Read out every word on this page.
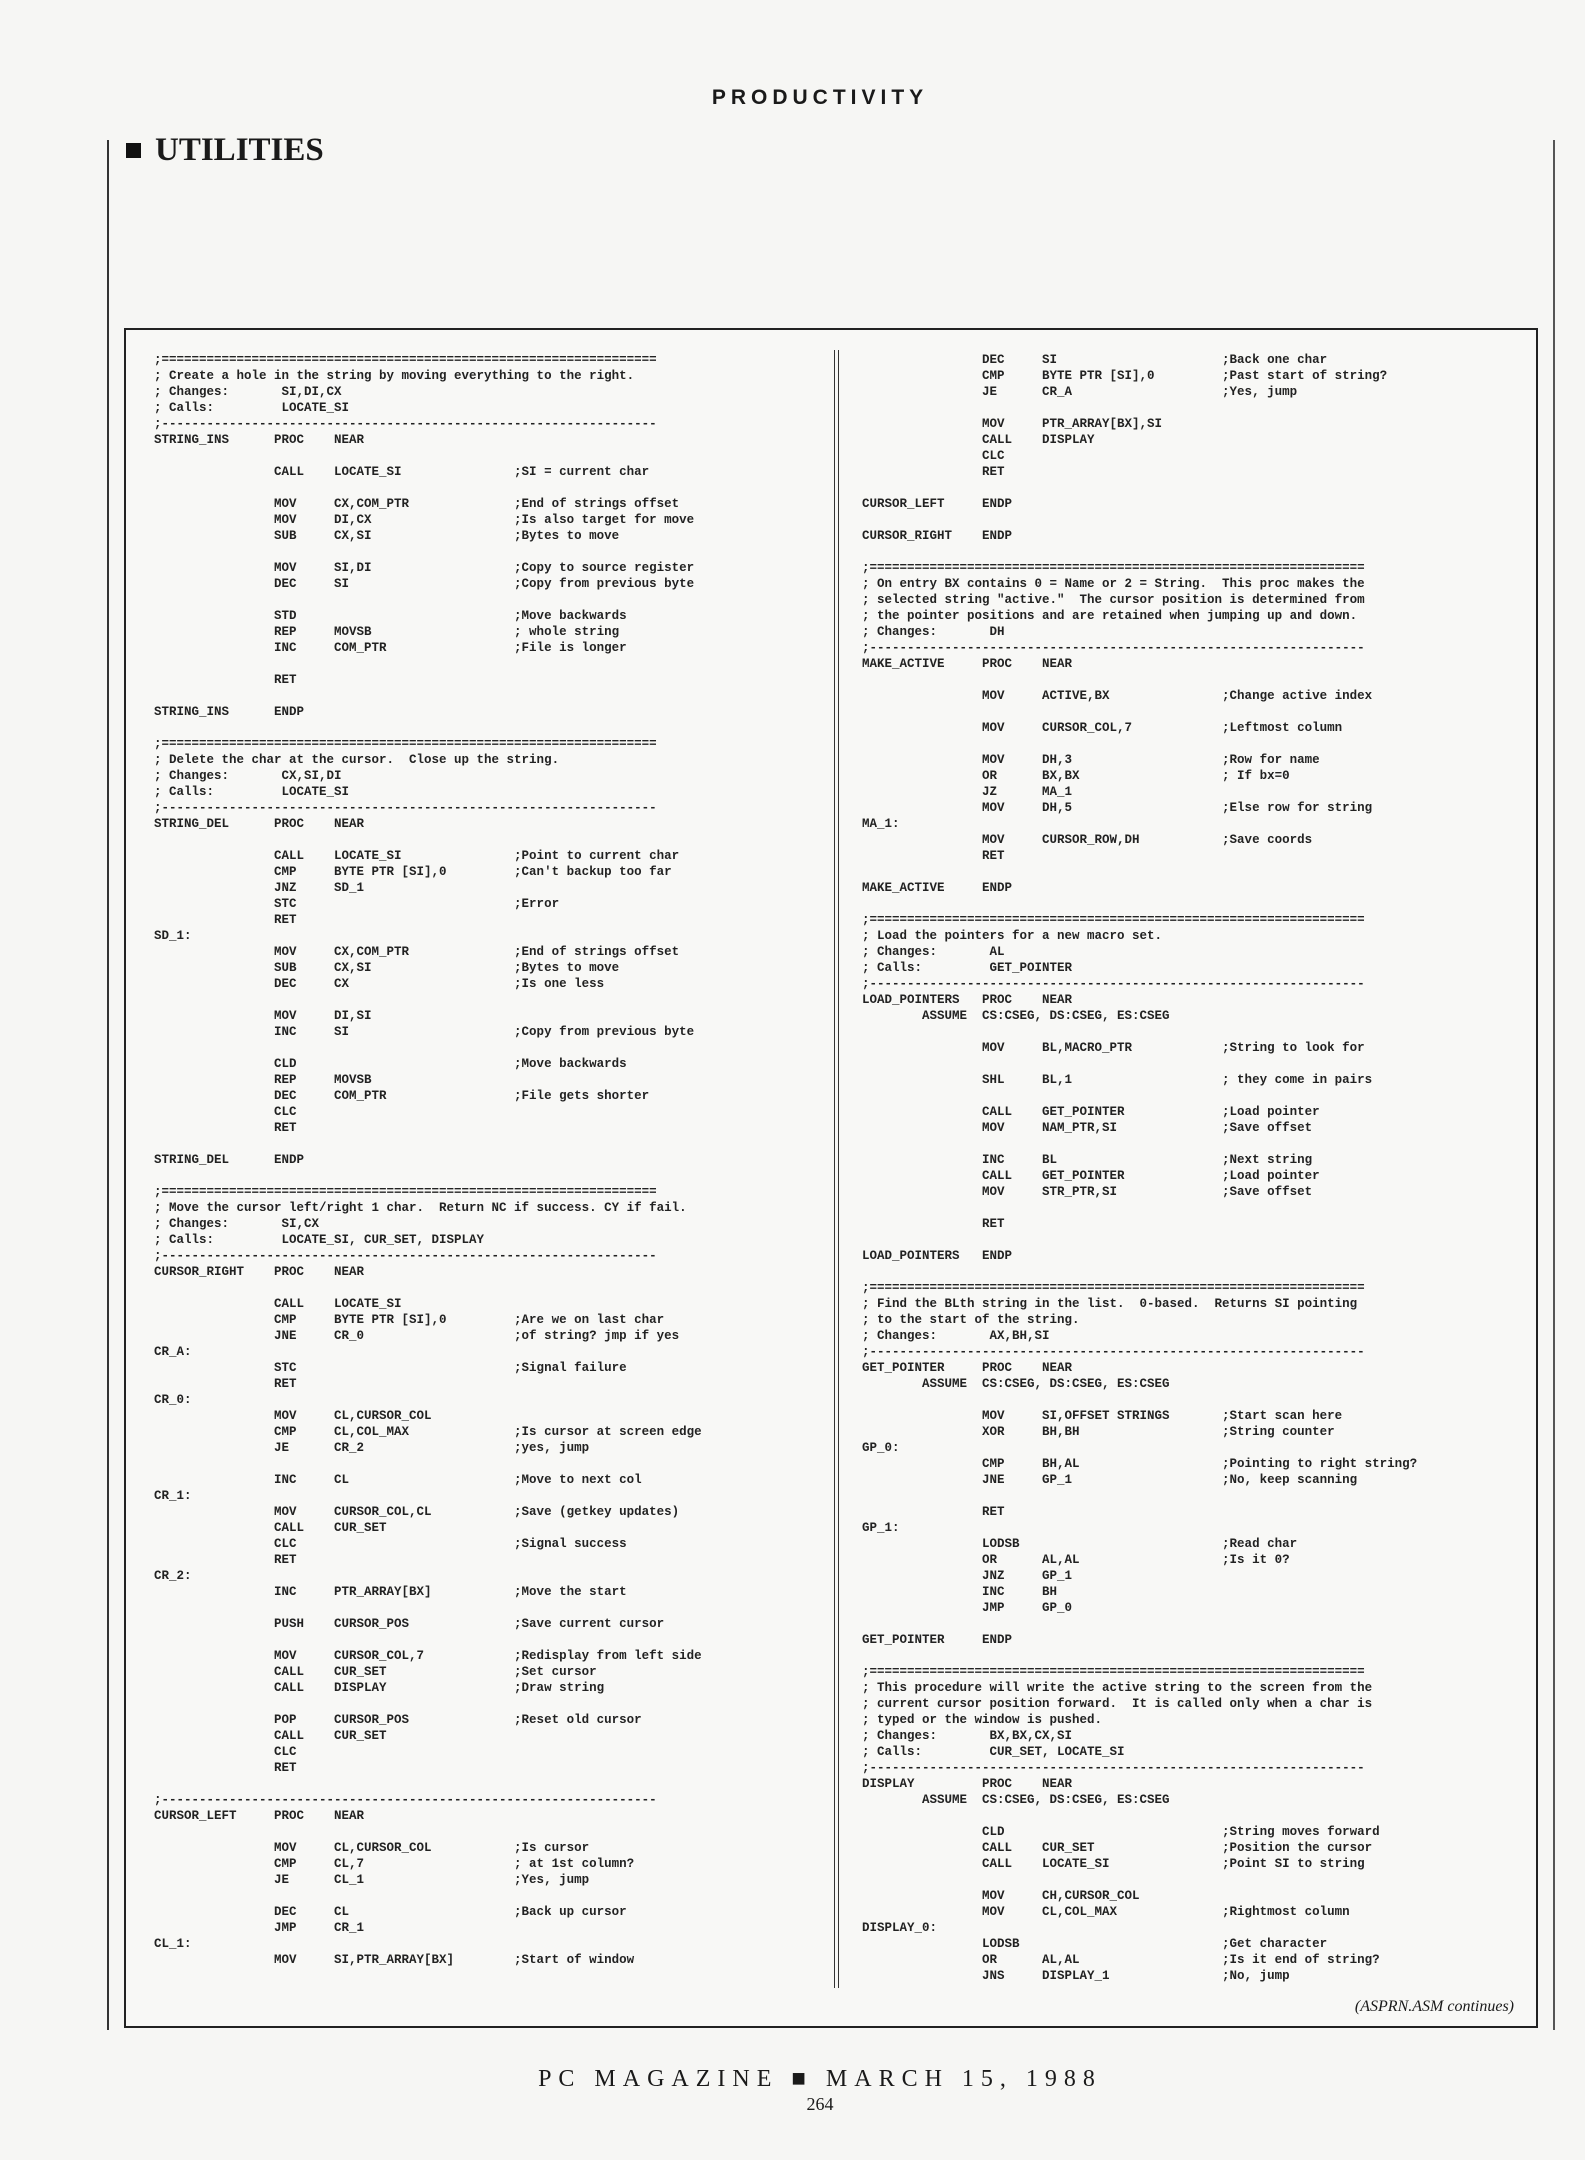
PRODUCTIVITY
UTILITIES
;==================================================================
; Create a hole in the string by moving everything to the right.
; Changes:       SI,DI,CX
; Calls:         LOCATE_SI
;------------------------------------------------------------------
STRING_INS      PROC    NEAR

CALL    LOCATE_SI               ;SI = current char

MOV     CX,COM_PTR              ;End of strings offset
MOV     DI,CX                   ;Is also target for move
SUB     CX,SI                   ;Bytes to move

MOV     SI,DI                   ;Copy to source register
DEC     SI                      ;Copy from previous byte

STD                             ;Move backwards
REP     MOVSB                   ; whole string
INC     COM_PTR                 ;File is longer

RET

STRING_INS      ENDP

;==================================================================
; Delete the char at the cursor.  Close up the string.
; Changes:       CX,SI,DI
; Calls:         LOCATE_SI
;------------------------------------------------------------------
STRING_DEL      PROC    NEAR

CALL    LOCATE_SI               ;Point to current char
CMP     BYTE PTR [SI],0         ;Can't backup too far
JNZ     SD_1
STC                             ;Error
RET
SD_1:
MOV     CX,COM_PTR              ;End of strings offset
SUB     CX,SI                   ;Bytes to move
DEC     CX                      ;Is one less

MOV     DI,SI
INC     SI                      ;Copy from previous byte

CLD                             ;Move backwards
REP     MOVSB
DEC     COM_PTR                 ;File gets shorter
CLC
RET

STRING_DEL      ENDP

;==================================================================
; Move the cursor left/right 1 char.  Return NC if success. CY if fail.
; Changes:       SI,CX
; Calls:         LOCATE_SI, CUR_SET, DISPLAY
;------------------------------------------------------------------
CURSOR_RIGHT    PROC    NEAR

CALL    LOCATE_SI
CMP     BYTE PTR [SI],0         ;Are we on last char
JNE     CR_0                    ;of string? jmp if yes
CR_A:
STC                             ;Signal failure
RET
CR_0:
MOV     CL,CURSOR_COL
CMP     CL,COL_MAX              ;Is cursor at screen edge
JE      CR_2                    ;yes, jump

INC     CL                      ;Move to next col
CR_1:
MOV     CURSOR_COL,CL           ;Save (getkey updates)
CALL    CUR_SET
CLC                             ;Signal success
RET
CR_2:
INC     PTR_ARRAY[BX]           ;Move the start

PUSH    CURSOR_POS              ;Save current cursor

MOV     CURSOR_COL,7            ;Redisplay from left side
CALL    CUR_SET                 ;Set cursor
CALL    DISPLAY                 ;Draw string

POP     CURSOR_POS              ;Reset old cursor
CALL    CUR_SET
CLC
RET

;------------------------------------------------------------------
CURSOR_LEFT     PROC    NEAR

MOV     CL,CURSOR_COL           ;Is cursor
CMP     CL,7                    ; at 1st column?
JE      CL_1                    ;Yes, jump

DEC     CL                      ;Back up cursor
JMP     CR_1
CL_1:
MOV     SI,PTR_ARRAY[BX]        ;Start of window
DEC     SI                      ;Back one char
CMP     BYTE PTR [SI],0         ;Past start of string?
JE      CR_A                    ;Yes, jump

MOV     PTR_ARRAY[BX],SI
CALL    DISPLAY
CLC
RET

CURSOR_LEFT     ENDP

CURSOR_RIGHT    ENDP

;==================================================================
; On entry BX contains 0 = Name or 2 = String.  This proc makes the
; selected string "active."  The cursor position is determined from
; the pointer positions and are retained when jumping up and down.
; Changes:       DH
;------------------------------------------------------------------
MAKE_ACTIVE     PROC    NEAR

MOV     ACTIVE,BX               ;Change active index

MOV     CURSOR_COL,7            ;Leftmost column

MOV     DH,3                    ;Row for name
OR      BX,BX                   ; If bx=0
JZ      MA_1
MOV     DH,5                    ;Else row for string
MA_1:
MOV     CURSOR_ROW,DH           ;Save coords
RET

MAKE_ACTIVE     ENDP

;==================================================================
; Load the pointers for a new macro set.
; Changes:       AL
; Calls:         GET_POINTER
;------------------------------------------------------------------
LOAD_POINTERS   PROC    NEAR
ASSUME  CS:CSEG, DS:CSEG, ES:CSEG

MOV     BL,MACRO_PTR            ;String to look for

SHL     BL,1                    ; they come in pairs

CALL    GET_POINTER             ;Load pointer
MOV     NAM_PTR,SI              ;Save offset

INC     BL                      ;Next string
CALL    GET_POINTER             ;Load pointer
MOV     STR_PTR,SI              ;Save offset

RET

LOAD_POINTERS   ENDP

;==================================================================
; Find the BLth string in the list.  0-based.  Returns SI pointing
; to the start of the string.
; Changes:       AX,BH,SI
;------------------------------------------------------------------
GET_POINTER     PROC    NEAR
ASSUME  CS:CSEG, DS:CSEG, ES:CSEG

MOV     SI,OFFSET STRINGS       ;Start scan here
XOR     BH,BH                   ;String counter
GP_0:
CMP     BH,AL                   ;Pointing to right string?
JNE     GP_1                    ;No, keep scanning

RET
GP_1:
LODSB                           ;Read char
OR      AL,AL                   ;Is it 0?
JNZ     GP_1
INC     BH
JMP     GP_0

GET_POINTER     ENDP

;==================================================================
; This procedure will write the active string to the screen from the
; current cursor position forward.  It is called only when a char is
; typed or the window is pushed.
; Changes:       BX,BX,CX,SI
; Calls:         CUR_SET, LOCATE_SI
;------------------------------------------------------------------
DISPLAY         PROC    NEAR
ASSUME  CS:CSEG, DS:CSEG, ES:CSEG

CLD                             ;String moves forward
CALL    CUR_SET                 ;Position the cursor
CALL    LOCATE_SI               ;Point SI to string

MOV     CH,CURSOR_COL
MOV     CL,COL_MAX              ;Rightmost column
DISPLAY_0:
LODSB                           ;Get character
OR      AL,AL                   ;Is it end of string?
JNS     DISPLAY_1               ;No, jump
(ASPRN.ASM continues)
PC MAGAZINE ■ MARCH 15, 1988
264
